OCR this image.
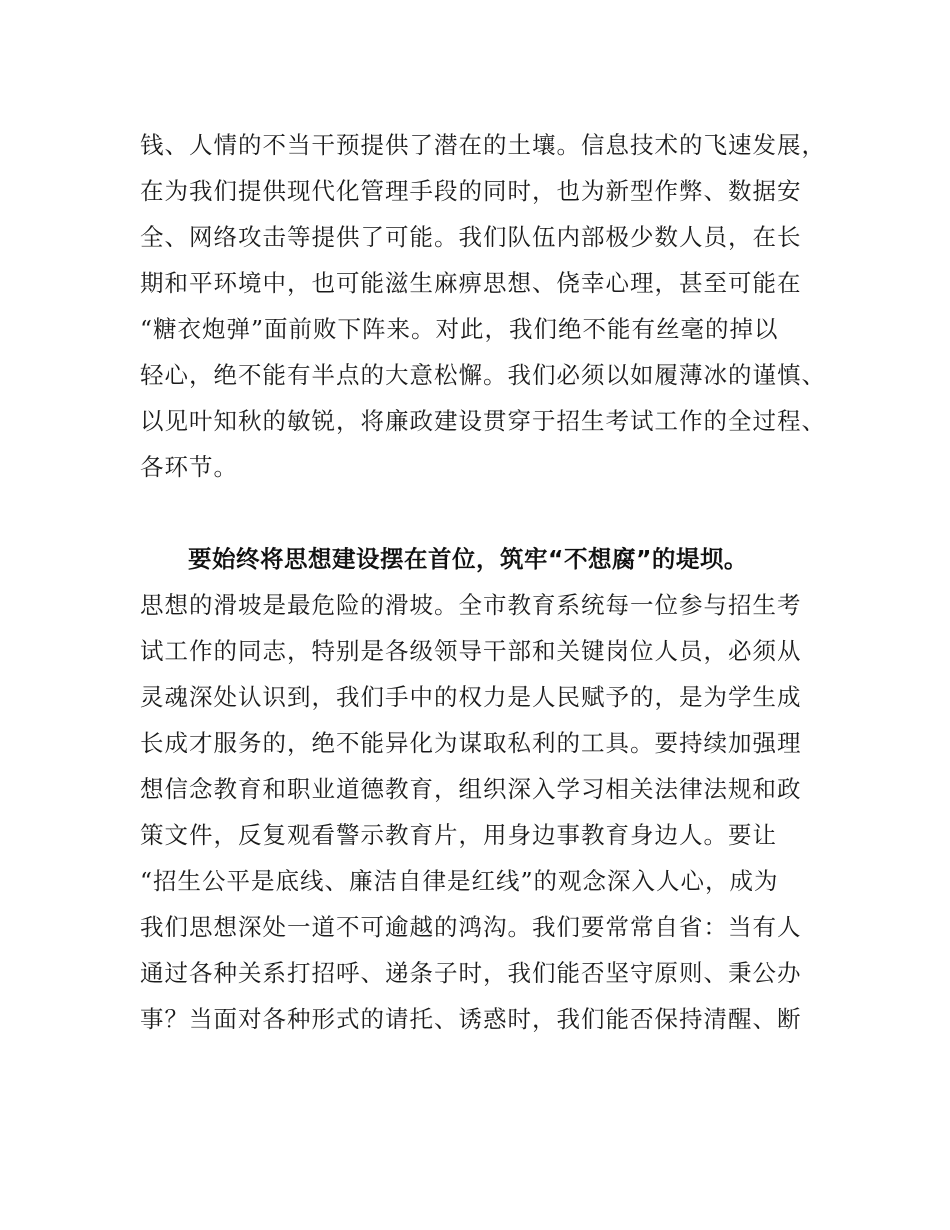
钱、人情的不当干预提供了潜在的土壤。信息技术的飞速发展，
在为我们提供现代化管理手段的同时，也为新型作弊、数据安
全、网络攻击等提供了可能。我们队伍内部极少数人员，在长
期和平环境中，也可能滋生麻痹思想、侥幸心理，甚至可能在
“糖衣炮弹”面前败下阵来。对此，我们绝不能有丝毫的掉以
轻心，绝不能有半点的大意松懈。我们必须以如履薄冰的谨慎、
以见叶知秋的敏锐，将廉政建设贯穿于招生考试工作的全过程、
各环节。
要始终将思想建设摆在首位，筑牢“不想腐”的堤坝。
思想的滑坡是最危险的滑坡。全市教育系统每一位参与招生考
试工作的同志，特别是各级领导干部和关键岗位人员，必须从
灵魂深处认识到，我们手中的权力是人民赋予的，是为学生成
长成才服务的，绝不能异化为谋取私利的工具。要持续加强理
想信念教育和职业道德教育，组织深入学习相关法律法规和政
策文件，反复观看警示教育片，用身边事教育身边人。要让
“招生公平是底线、廉洁自律是红线”的观念深入人心，成为
我们思想深处一道不可逾越的鸿沟。我们要常常自省：当有人
通过各种关系打招呼、递条子时，我们能否坚守原则、秉公办
事？当面对各种形式的请托、诱惑时，我们能否保持清醒、断
